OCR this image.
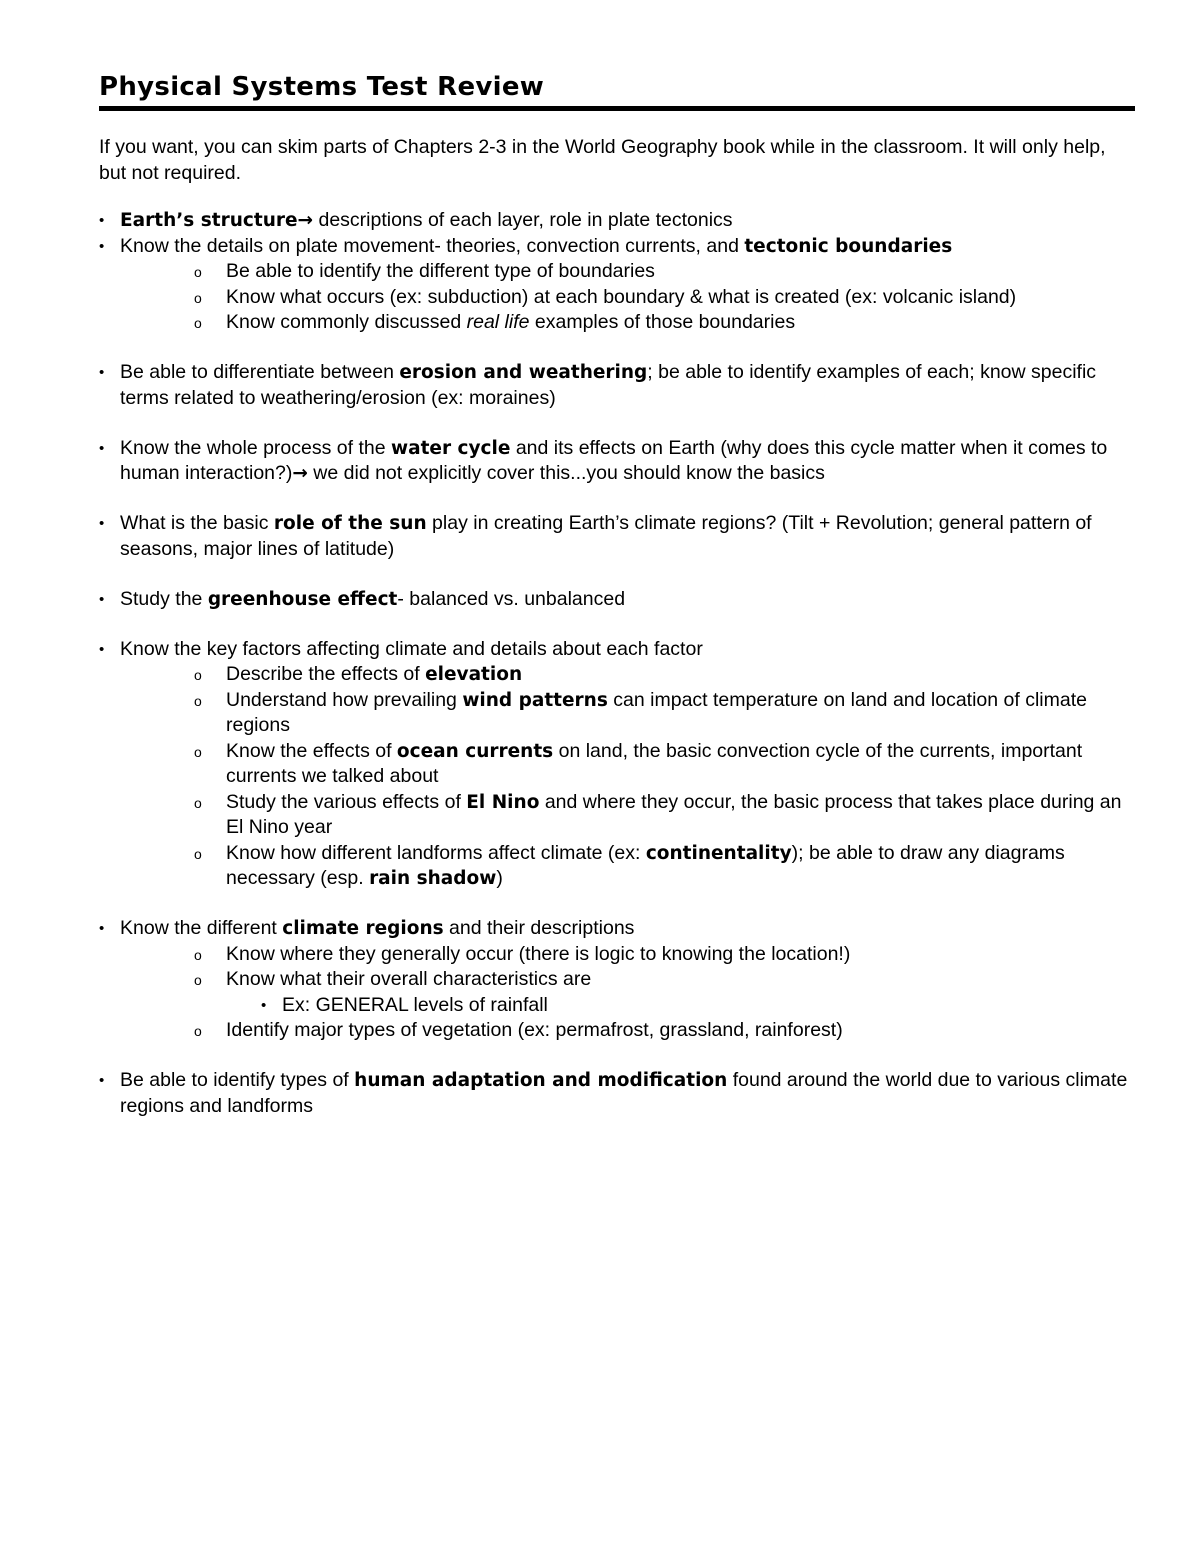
Physical Systems Test Review
If you want, you can skim parts of Chapters 2-3 in the World Geography book while in the classroom. It will only help, but not required.
• Earth’s structure→ descriptions of each layer, role in plate tectonics
• Know the details on plate movement- theories, convection currents, and tectonic boundaries
o Be able to identify the different type of boundaries
o Know what occurs (ex: subduction) at each boundary & what is created (ex: volcanic island)
o Know commonly discussed real life examples of those boundaries
• Be able to differentiate between erosion and weathering; be able to identify examples of each; know specific terms related to weathering/erosion (ex: moraines)
• Know the whole process of the water cycle and its effects on Earth (why does this cycle matter when it comes to human interaction?)→ we did not explicitly cover this...you should know the basics
• What is the basic role of the sun play in creating Earth’s climate regions? (Tilt + Revolution; general pattern of seasons, major lines of latitude)
• Study the greenhouse effect- balanced vs. unbalanced
• Know the key factors affecting climate and details about each factor
o Describe the effects of elevation
o Understand how prevailing wind patterns can impact temperature on land and location of climate regions
o Know the effects of ocean currents on land, the basic convection cycle of the currents, important currents we talked about
o Study the various effects of El Nino and where they occur, the basic process that takes place during an El Nino year
o Know how different landforms affect climate (ex: continentality); be able to draw any diagrams necessary (esp. rain shadow)
• Know the different climate regions and their descriptions
o Know where they generally occur (there is logic to knowing the location!)
o Know what their overall characteristics are
• Ex: GENERAL levels of rainfall
o Identify major types of vegetation (ex: permafrost, grassland, rainforest)
• Be able to identify types of human adaptation and modification found around the world due to various climate regions and landforms
